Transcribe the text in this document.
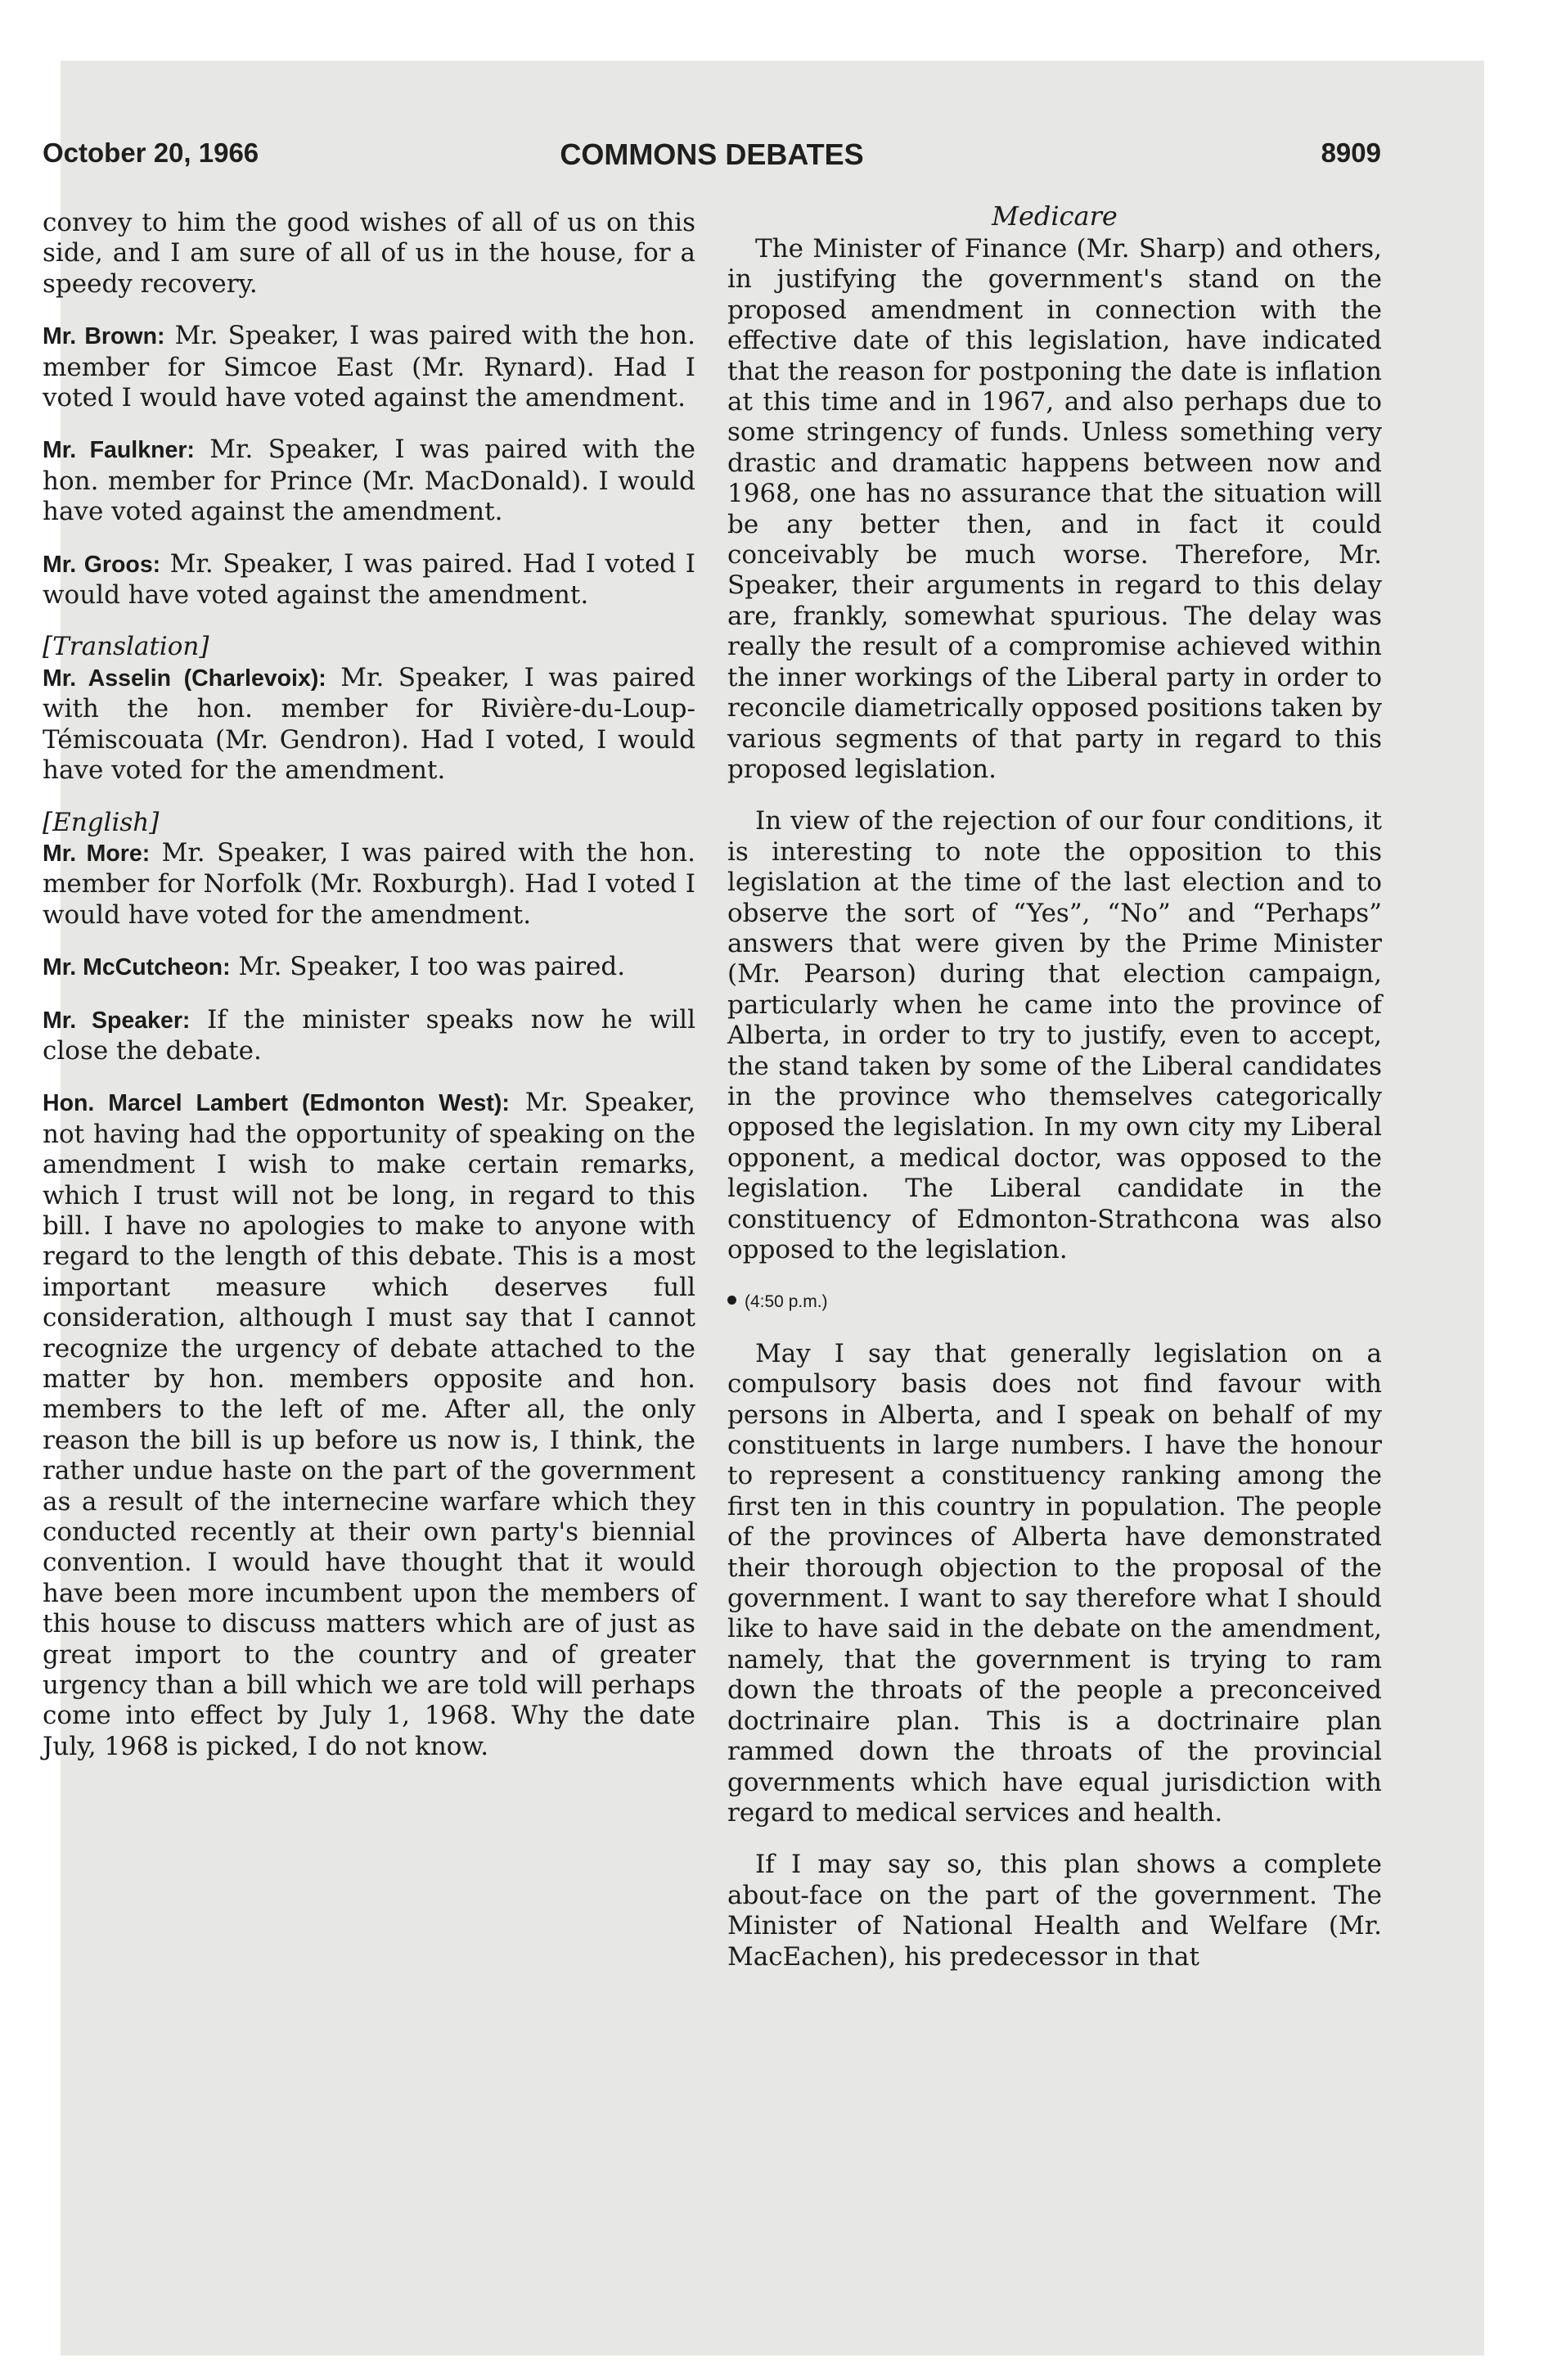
October 20, 1966	COMMONS DEBATES	8909

convey to him the good wishes of all of us on this side, and I am sure of all of us in the house, for a speedy recovery.

Mr. Brown: Mr. Speaker, I was paired with the hon. member for Simcoe East (Mr. Rynard). Had I voted I would have voted against the amendment.

Mr. Faulkner: Mr. Speaker, I was paired with the hon. member for Prince (Mr. MacDonald). I would have voted against the amendment.

Mr. Groos: Mr. Speaker, I was paired. Had I voted I would have voted against the amendment.

[Translation]

Mr. Asselin (Charlevoix): Mr. Speaker, I was paired with the hon. member for Rivière-du-Loup-Témiscouata (Mr. Gendron). Had I voted, I would have voted for the amendment.

[English]

Mr. More: Mr. Speaker, I was paired with the hon. member for Norfolk (Mr. Roxburgh). Had I voted I would have voted for the amendment.

Mr. McCutcheon: Mr. Speaker, I too was paired.

Mr. Speaker: If the minister speaks now he will close the debate.

Hon. Marcel Lambert (Edmonton West): Mr. Speaker, not having had the opportunity of speaking on the amendment I wish to make certain remarks, which I trust will not be long, in regard to this bill. I have no apologies to make to anyone with regard to the length of this debate. This is a most important measure which deserves full consideration, although I must say that I cannot recognize the urgency of debate attached to the matter by hon. members opposite and hon. members to the left of me. After all, the only reason the bill is up before us now is, I think, the rather undue haste on the part of the government as a result of the internecine warfare which they conducted recently at their own party's biennial convention. I would have thought that it would have been more incumbent upon the members of this house to discuss matters which are of just as great import to the country and of greater urgency than a bill which we are told will perhaps come into effect by July 1, 1968. Why the date July, 1968 is picked, I do not know.

Medicare

The Minister of Finance (Mr. Sharp) and others, in justifying the government's stand on the proposed amendment in connection with the effective date of this legislation, have indicated that the reason for postponing the date is inflation at this time and in 1967, and also perhaps due to some stringency of funds. Unless something very drastic and dramatic happens between now and 1968, one has no assurance that the situation will be any better then, and in fact it could conceivably be much worse. Therefore, Mr. Speaker, their arguments in regard to this delay are, frankly, somewhat spurious. The delay was really the result of a compromise achieved within the inner workings of the Liberal party in order to reconcile diametrically opposed positions taken by various segments of that party in regard to this proposed legislation.

In view of the rejection of our four conditions, it is interesting to note the opposition to this legislation at the time of the last election and to observe the sort of “Yes”, “No” and “Perhaps” answers that were given by the Prime Minister (Mr. Pearson) during that election campaign, particularly when he came into the province of Alberta, in order to try to justify, even to accept, the stand taken by some of the Liberal candidates in the province who themselves categorically opposed the legislation. In my own city my Liberal opponent, a medical doctor, was opposed to the legislation. The Liberal candidate in the constituency of Edmonton-Strathcona was also opposed to the legislation.

(4:50 p.m.)

May I say that generally legislation on a compulsory basis does not find favour with persons in Alberta, and I speak on behalf of my constituents in large numbers. I have the honour to represent a constituency ranking among the first ten in this country in population. The people of the provinces of Alberta have demonstrated their thorough objection to the proposal of the government. I want to say therefore what I should like to have said in the debate on the amendment, namely, that the government is trying to ram down the throats of the people a preconceived doctrinaire plan. This is a doctrinaire plan rammed down the throats of the provincial governments which have equal jurisdiction with regard to medical services and health.

If I may say so, this plan shows a complete about-face on the part of the government. The Minister of National Health and Welfare (Mr. MacEachen), his predecessor in that
